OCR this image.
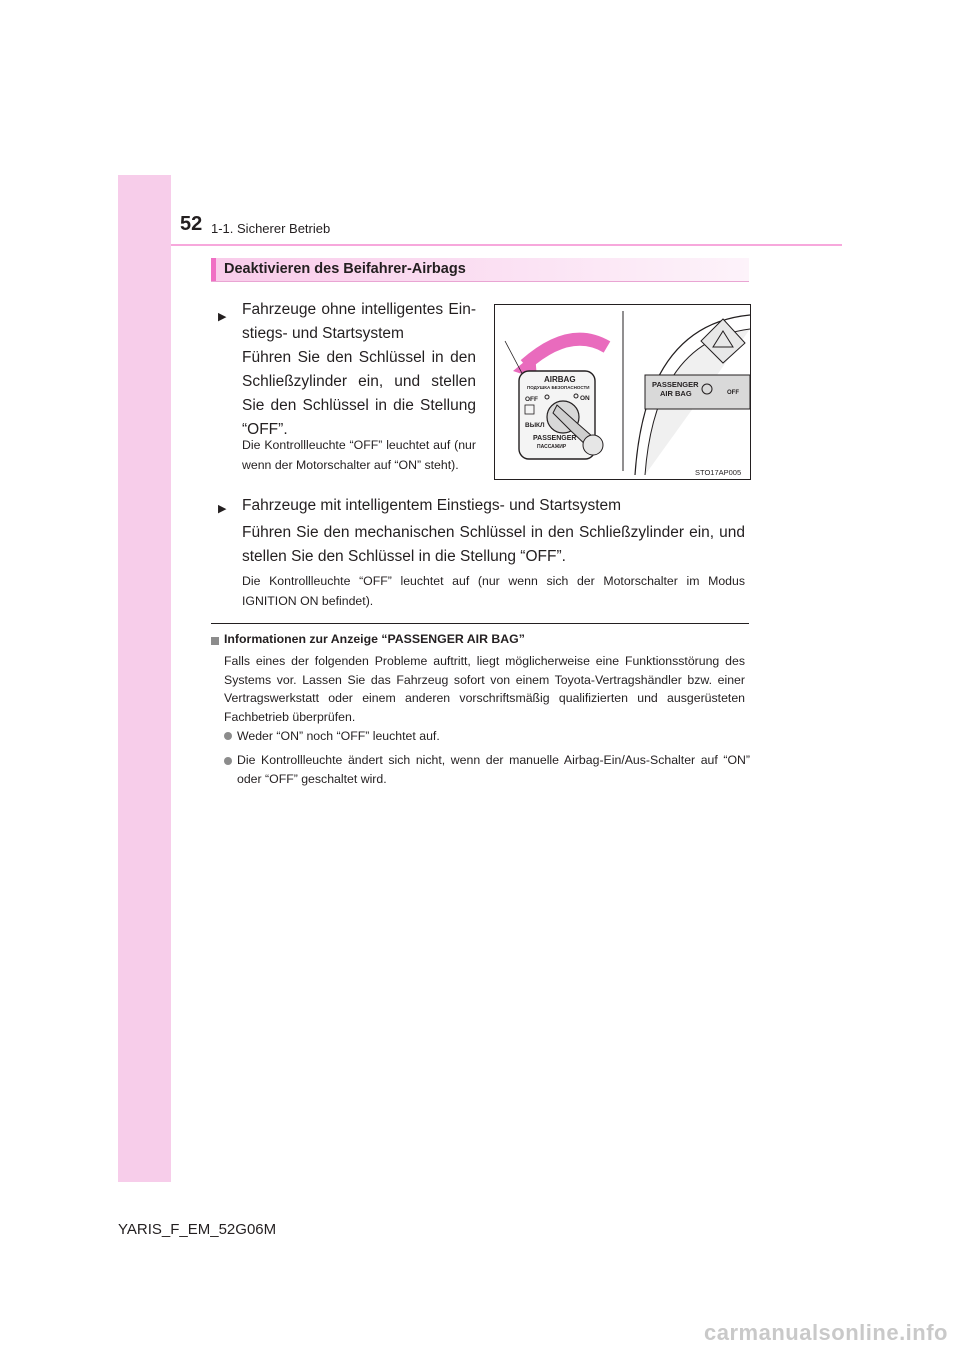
52 1-1. Sicherer Betrieb
Deaktivieren des Beifahrer-Airbags
▶ Fahrzeuge ohne intelligentes Ein-
stiegs- und Startsystem
Führen Sie den Schlüssel in den Schließzylinder ein, und stellen Sie den Schlüssel in die Stellung “OFF”.
Die Kontrollleuchte “OFF” leuchtet auf (nur wenn der Motorschalter auf “ON” steht).
AIRBAG
ПОДУШКА БЕЗОПАСНОСТИ
OFF	ON
ВЫКЛ
PASSENGER
ПАССАЖИР
PASSENGER
AIR BAG	OFF
STO17AP005
▶ Fahrzeuge mit intelligentem Einstiegs- und Startsystem
Führen Sie den mechanischen Schlüssel in den Schließzylinder ein, und stellen Sie den Schlüssel in die Stellung “OFF”.
Die Kontrollleuchte “OFF” leuchtet auf (nur wenn sich der Motorschalter im Modus IGNITION ON befindet).
Informationen zur Anzeige “PASSENGER AIR BAG”
Falls eines der folgenden Probleme auftritt, liegt möglicherweise eine Funktionsstörung des Systems vor. Lassen Sie das Fahrzeug sofort von einem Toyota-Vertragshändler bzw. einer Vertragswerkstatt oder einem anderen vorschriftsmäßig qualifizierten und ausgerüsteten Fachbetrieb überprüfen.
Weder “ON” noch “OFF” leuchtet auf.
Die Kontrollleuchte ändert sich nicht, wenn der manuelle Airbag-Ein/Aus-Schalter auf “ON” oder “OFF” geschaltet wird.
YARIS_F_EM_52G06M
carmanualsonline.info
